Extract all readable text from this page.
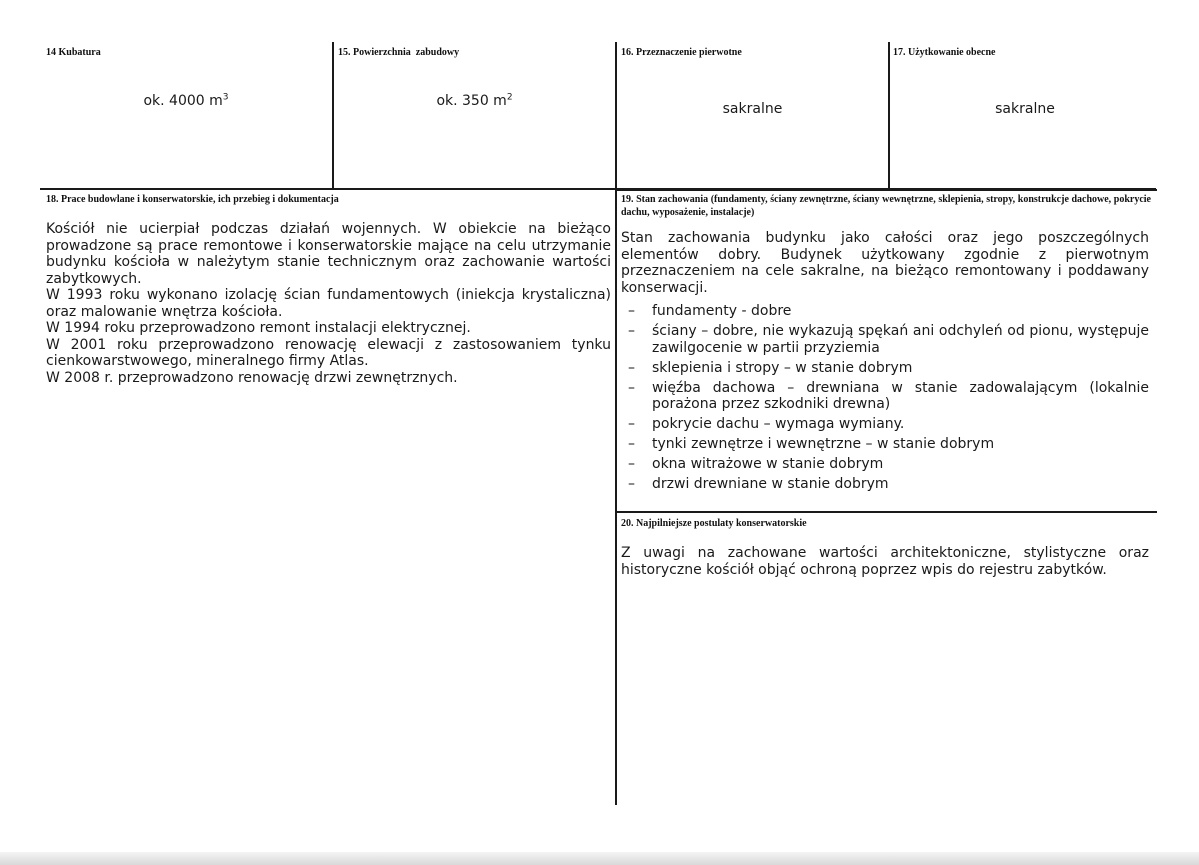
14 Kubatura
ok. 4000 $m^3$
15. Powierzchnia  zabudowy
ok. 350 $m^2$
16. Przeznaczenie pierwotne
sakralne
17. Użytkowanie obecne
sakralne
18. Prace budowlane i konserwatorskie, ich przebieg i dokumentacja

Kościół nie ucierpiał podczas działań wojennych. W obiekcie na bieżąco prowadzone są prace remontowe i konserwatorskie mające na celu utrzymanie budynku kościoła w należytym stanie technicznym oraz zachowanie wartości zabytkowych.

W 1993 roku wykonano izolację ścian fundamentowych (iniekcja krystaliczna) oraz malowanie wnętrza kościoła.

W 1994 roku przeprowadzono remont instalacji elektrycznej.

W 2001 roku przeprowadzono renowację elewacji z zastosowaniem tynku cienkowarstwowego, mineralnego firmy Atlas.

W 2008 r. przeprowadzono renowację drzwi zewnętrznych.

19. Stan zachowania (fundamenty, ściany zewnętrzne, ściany wewnętrzne, sklepienia, stropy, konstrukcje dachowe, pokrycie dachu, wyposażenie, instalacje)

Stan zachowania budynku jako całości oraz jego poszczególnych elementów dobry. Budynek użytkowany zgodnie z pierwotnym przeznaczeniem na cele sakralne, na bieżąco remontowany i poddawany konserwacji.

– fundamenty - dobre
– ściany – dobre, nie wykazują spękań ani odchyleń od pionu, występuje zawilgocenie w partii przyziemia
– sklepienia i stropy – w stanie dobrym
– więźba dachowa – drewniana w stanie zadowalającym (lokalnie porażona przez szkodniki drewna)
– pokrycie dachu – wymaga wymiany.
– tynki zewnętrze i wewnętrzne – w stanie dobrym
– okna witrażowe w stanie dobrym
– drzwi drewniane w stanie dobrym
20. Najpilniejsze postulaty konserwatorskie

Z uwagi na zachowane wartości architektoniczne, stylistyczne oraz historyczne kościół objąć ochroną poprzez wpis do rejestru zabytków.
